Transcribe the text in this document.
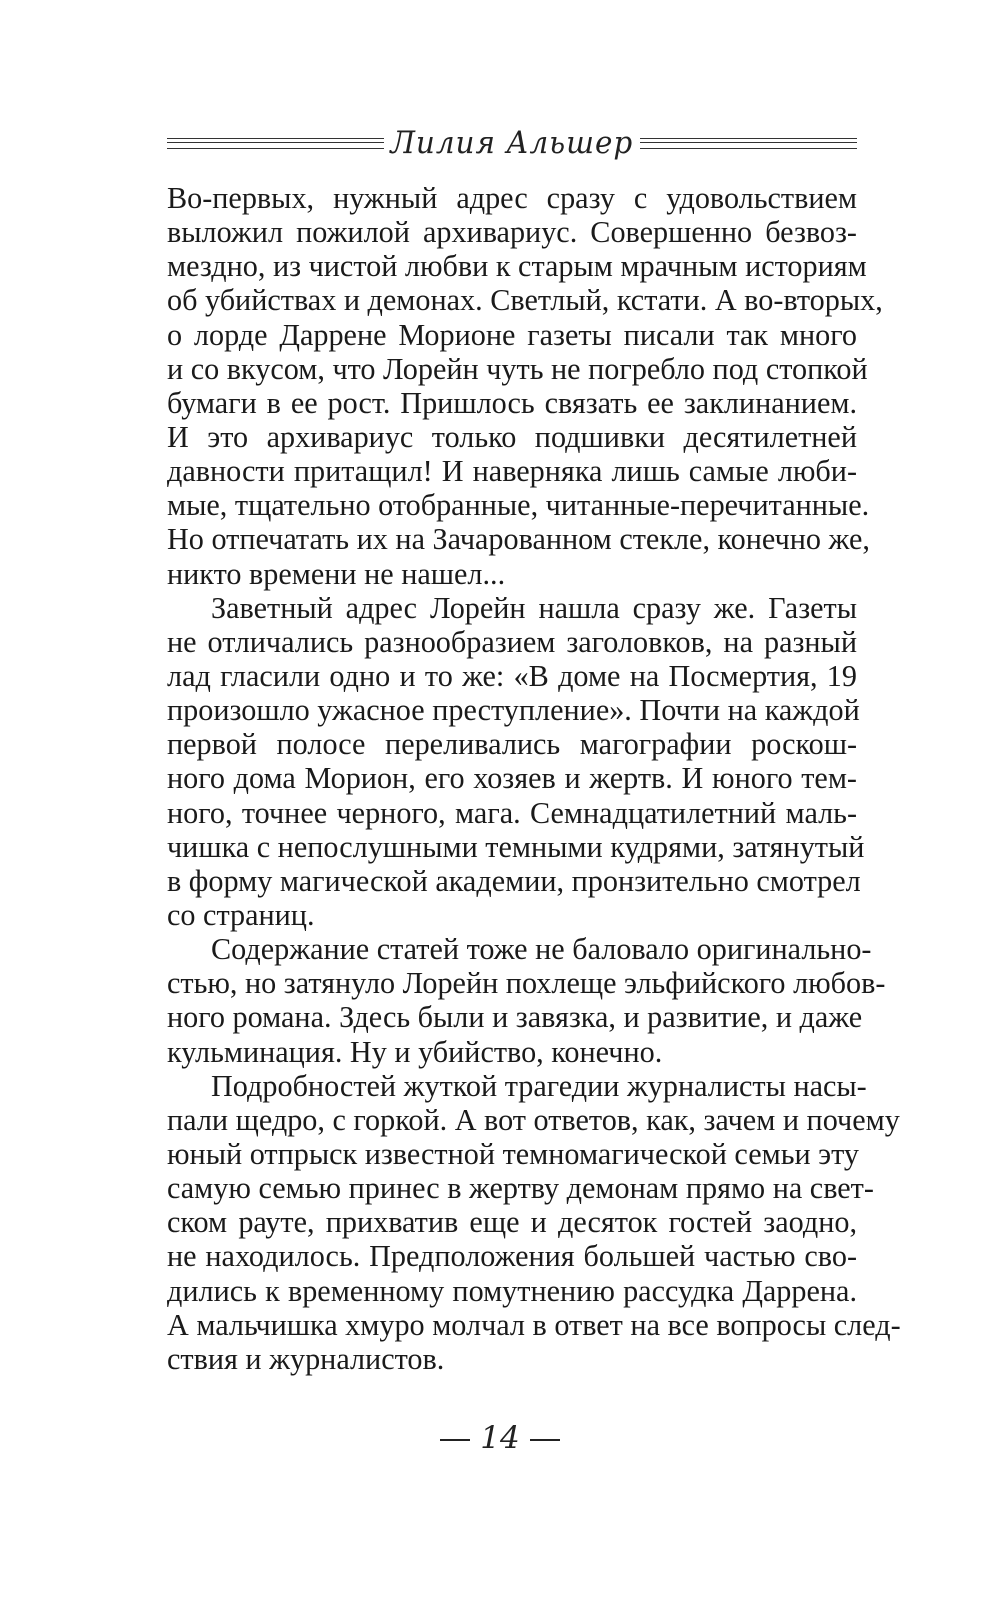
Лилия Альшер
Во-первых, нужный адрес сразу с удовольствием
выложил пожилой архивариус. Совершенно безвоз-
мездно, из чистой любви к старым мрачным историям
об убийствах и демонах. Светлый, кстати. А во-вторых,
о лорде Даррене Морионе газеты писали так много
и со вкусом, что Лорейн чуть не погребло под стопкой
бумаги в ее рост. Пришлось связать ее заклинанием.
И это архивариус только подшивки десятилетней
давности притащил! И наверняка лишь самые люби-
мые, тщательно отобранные, читанные-перечитанные.
Но отпечатать их на Зачарованном стекле, конечно же,
никто времени не нашел...
Заветный адрес Лорейн нашла сразу же. Газеты
не отличались разнообразием заголовков, на разный
лад гласили одно и то же: «В доме на Посмертия, 19
произошло ужасное преступление». Почти на каждой
первой полосе переливались магографии роскош-
ного дома Морион, его хозяев и жертв. И юного тем-
ного, точнее черного, мага. Семнадцатилетний маль-
чишка с непослушными темными кудрями, затянутый
в форму магической академии, пронзительно смотрел
со страниц.
Содержание статей тоже не баловало оригинально-
стью, но затянуло Лорейн похлеще эльфийского любов-
ного романа. Здесь были и завязка, и развитие, и даже
кульминация. Ну и убийство, конечно.
Подробностей жуткой трагедии журналисты насы-
пали щедро, с горкой. А вот ответов, как, зачем и почему
юный отпрыск известной темномагической семьи эту
самую семью принес в жертву демонам прямо на свет-
ском рауте, прихватив еще и десяток гостей заодно,
не находилось. Предположения большей частью сво-
дились к временному помутнению рассудка Даррена.
А мальчишка хмуро молчал в ответ на все вопросы след-
ствия и журналистов.
14
